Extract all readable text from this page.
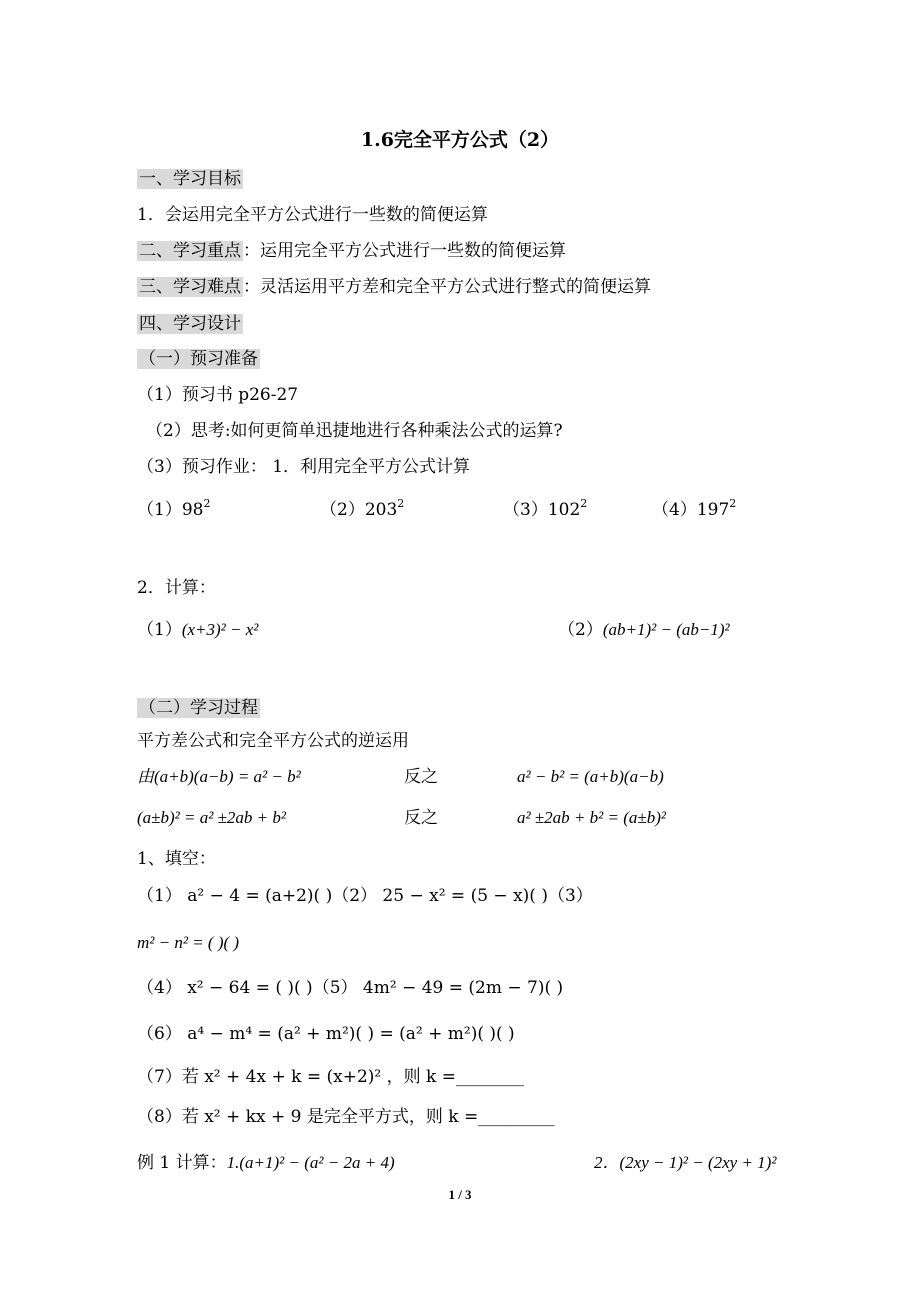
1.6完全平方公式（2）
一、学习目标
1．会运用完全平方公式进行一些数的简便运算
二、学习重点 ：运用完全平方公式进行一些数的简便运算
三、学习难点 ：灵活运用平方差和完全平方公式进行整式的简便运算
四、学习设计
（一）预习准备
（1）预习书 p26-27
（2）思考:如何更简单迅捷地进行各种乘法公式的运算?
（3）预习作业： 1．利用完全平方公式计算
$(1)98^2$	$(2)203^2$	$(3)102^2$	$(4)197^2$
2．计算：
（1）(x+3)² − x²	（2）(ab+1)² − (ab−1)²
（二）学习过程
平方差公式和完全平方公式的逆运用
由(a+b)(a−b) = a² − b²	反之	a² − b² = (a+b)(a−b)
(a±b)² = a² ±2ab + b²	反之	a² ±2ab + b² = (a±b)²
1、填空：
（1） a² − 4 = (a+2)( )（2） 25 − x² = (5 − x)( )（3）
m² − n² = ( )( )
（4） x² − 64 = ( )( )（5） 4m² − 49 = (2m − 7)( )
（6） a⁴ − m⁴ = (a² + m²)( ) = (a² + m²)( )( )
（7）若 x² + 4x + k = (x+2)² ，则 k =________
（8）若 x² + kx + 9 是完全平方式，则 k =_________
例 1 计算：1.(a+1)² − (a² − 2a + 4)	2．(2xy − 1)² − (2xy + 1)²
1 / 3
